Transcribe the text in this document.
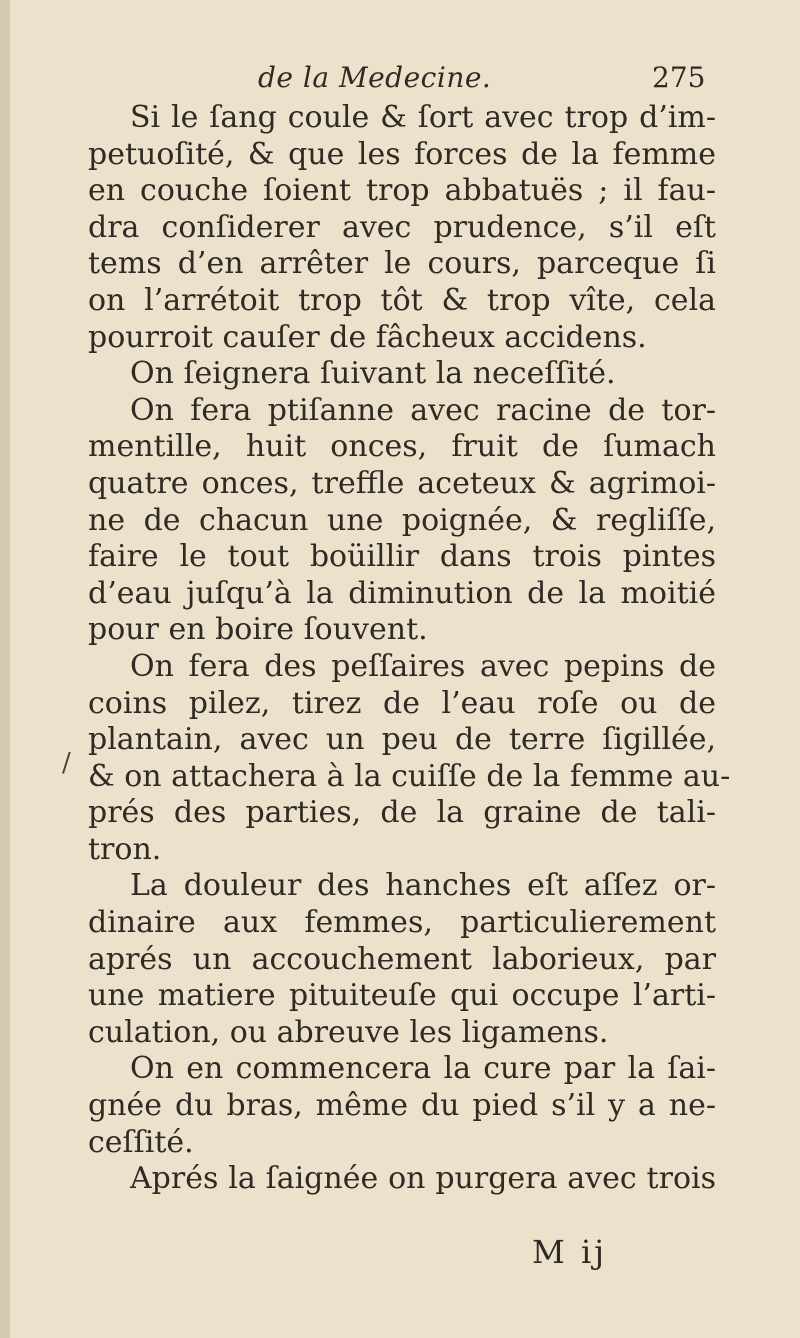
de la Medecine.	275
/
Si le ſang coule & ſort avec trop d’im-
petuoſité, & que les forces de la femme
en couche ſoient trop abbatuës ; il fau-
dra conſiderer avec prudence, s’il eſt
tems d’en arrêter le cours, parceque ſi
on l’arrétoit trop tôt & trop vîte, cela
pourroit cauſer de fâcheux accidens.
On ſeignera ſuivant la neceſſité.
On fera ptiſanne avec racine de tor-
mentille, huit onces, fruit de ſumach
quatre onces, treffle aceteux & agrimoi-
ne de chacun une poignée, & regliſſe,
faire le tout boüillir dans trois pintes
d’eau juſqu’à la diminution de la moitié
pour en boire ſouvent.
On fera des peſſaires avec pepins de
coins pilez, tirez de l’eau roſe ou de
plantain, avec un peu de terre ſigillée,
& on attachera à la cuiſſe de la femme au-
prés des parties, de la graine de tali-
tron.
La douleur des hanches eſt aſſez or-
dinaire aux femmes, particulierement
aprés un accouchement laborieux, par
une matiere pituiteuſe qui occupe l’arti-
culation, ou abreuve les ligamens.
On en commencera la cure par la ſai-
gnée du bras, même du pied s’il y a ne-
ceſſité.
Aprés la ſaignée on purgera avec trois
M ij
